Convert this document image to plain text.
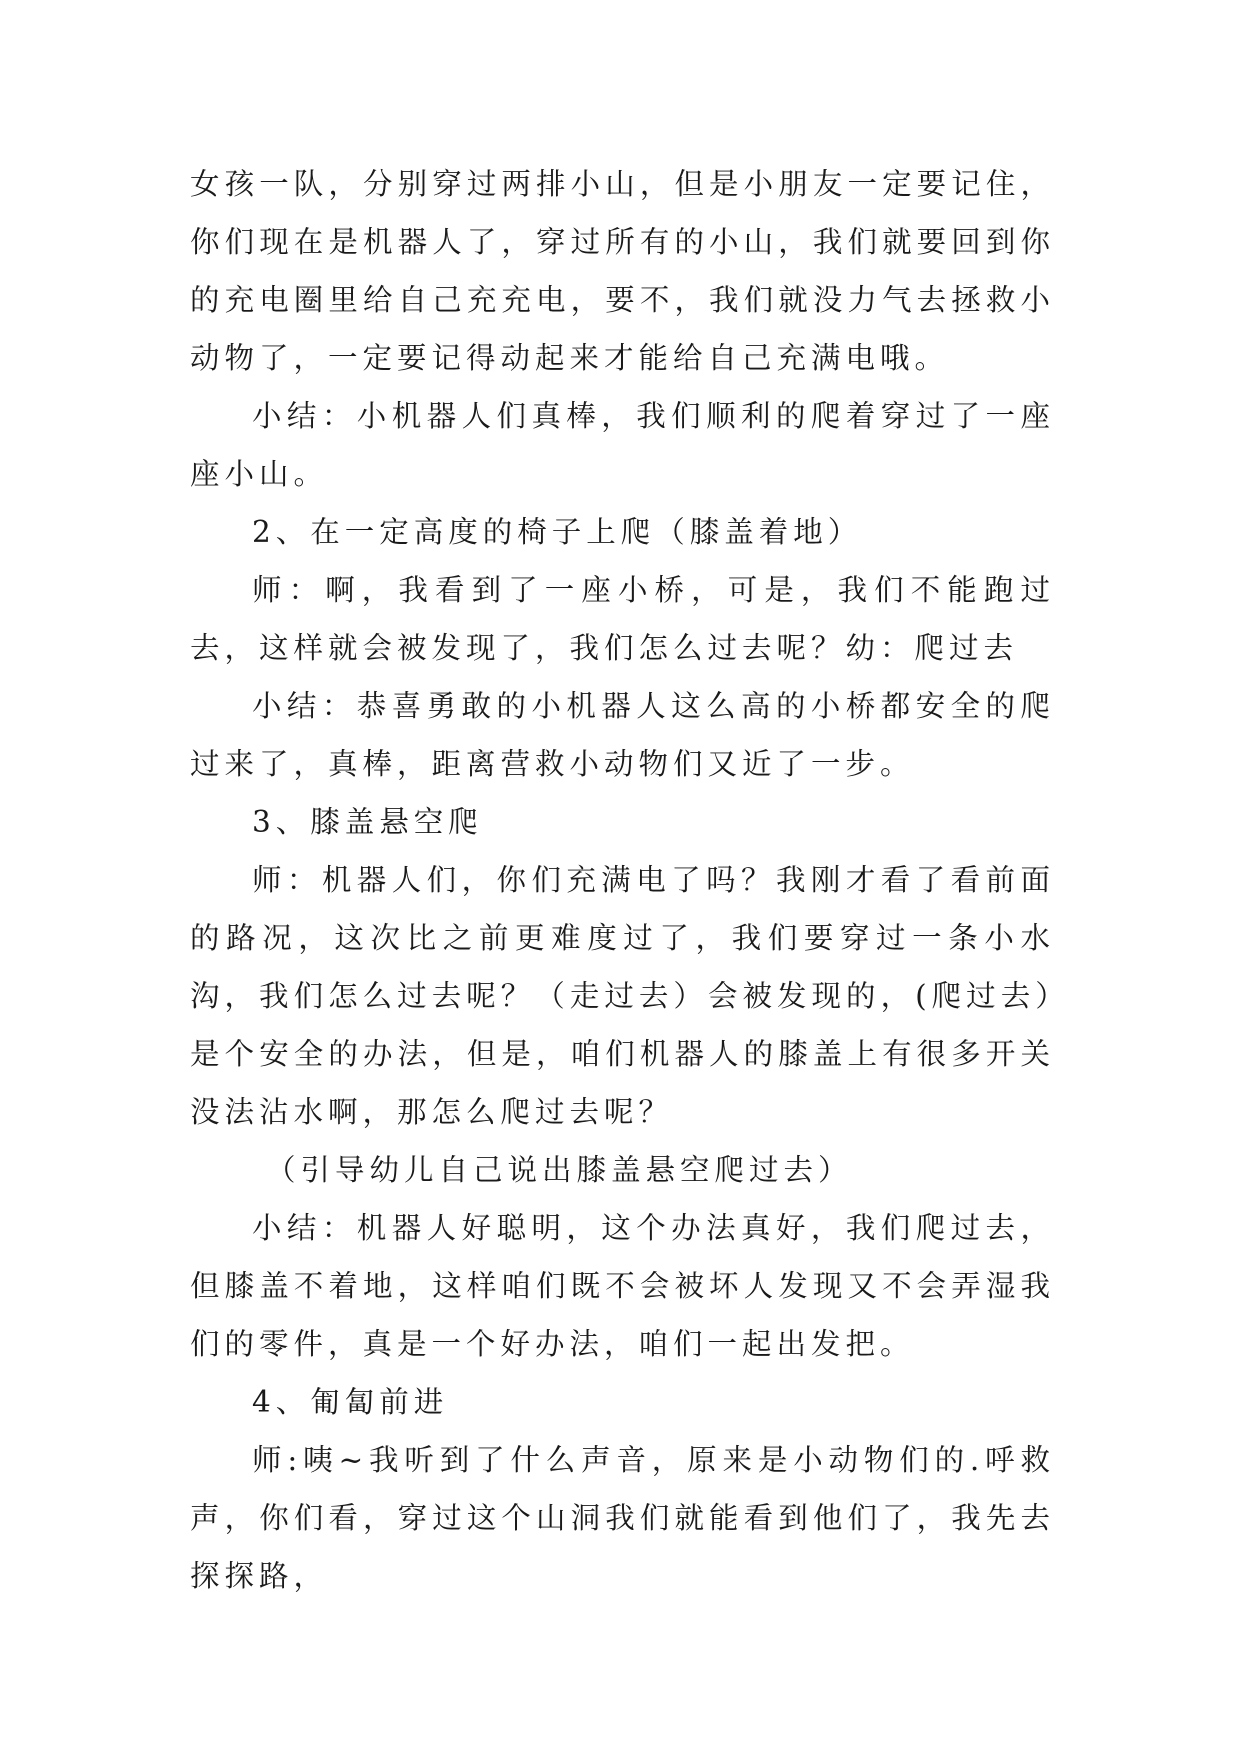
女孩一队，分别穿过两排小山，但是小朋友一定要记住，你们现在是机器人了，穿过所有的小山，我们就要回到你的充电圈里给自己充充电，要不，我们就没力气去拯救小动物了，一定要记得动起来才能给自己充满电哦。

小结：小机器人们真棒，我们顺利的爬着穿过了一座座小山。

2、在一定高度的椅子上爬（膝盖着地）

师：啊，我看到了一座小桥，可是，我们不能跑过去，这样就会被发现了，我们怎么过去呢？幼：爬过去

小结：恭喜勇敢的小机器人这么高的小桥都安全的爬过来了，真棒，距离营救小动物们又近了一步。

3、膝盖悬空爬

师：机器人们，你们充满电了吗？我刚才看了看前面的路况，这次比之前更难度过了，我们要穿过一条小水沟，我们怎么过去呢？（走过去）会被发现的，(爬过去）是个安全的办法，但是，咱们机器人的膝盖上有很多开关没法沾水啊，那怎么爬过去呢？

（引导幼儿自己说出膝盖悬空爬过去）

小结：机器人好聪明，这个办法真好，我们爬过去，但膝盖不着地，这样咱们既不会被坏人发现又不会弄湿我们的零件，真是一个好办法，咱们一起出发把。

4、匍匐前进

师:咦~我听到了什么声音，原来是小动物们的.呼救声，你们看，穿过这个山洞我们就能看到他们了，我先去探探路，
